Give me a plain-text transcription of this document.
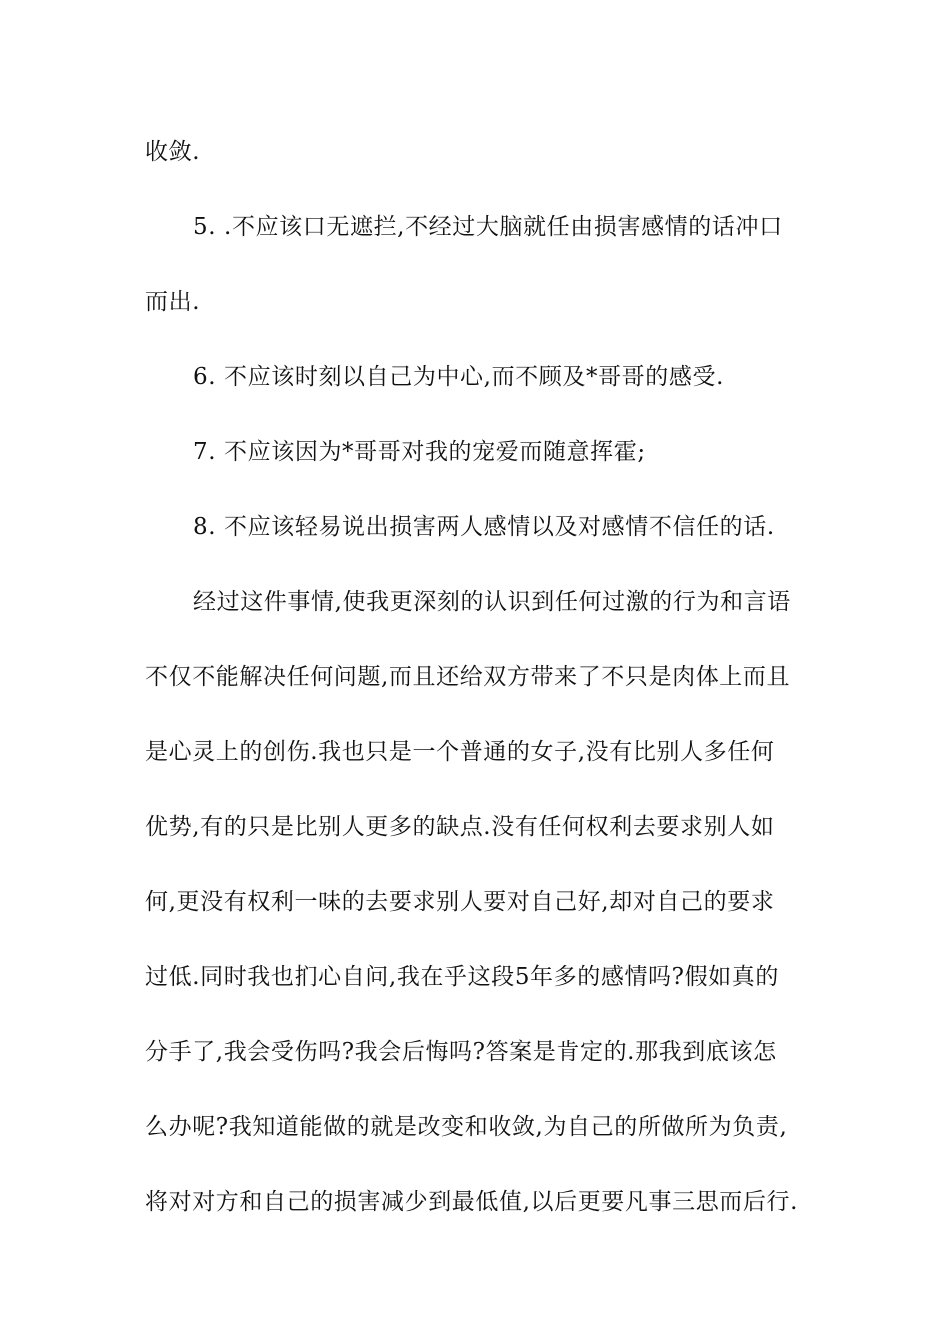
收敛.
5. .不应该口无遮拦,不经过大脑就任由损害感情的话冲口
而出.
6. 不应该时刻以自己为中心,而不顾及*哥哥的感受.
7. 不应该因为*哥哥对我的宠爱而随意挥霍;
8. 不应该轻易说出损害两人感情以及对感情不信任的话.
经过这件事情,使我更深刻的认识到任何过激的行为和言语
不仅不能解决任何问题,而且还给双方带来了不只是肉体上而且
是心灵上的创伤.我也只是一个普通的女子,没有比别人多任何
优势,有的只是比别人更多的缺点.没有任何权利去要求别人如
何,更没有权利一味的去要求别人要对自己好,却对自己的要求
过低.同时我也扪心自问,我在乎这段5年多的感情吗?假如真的
分手了,我会受伤吗?我会后悔吗?答案是肯定的.那我到底该怎
么办呢?我知道能做的就是改变和收敛,为自己的所做所为负责,
将对对方和自己的损害减少到最低值,以后更要凡事三思而后行.
